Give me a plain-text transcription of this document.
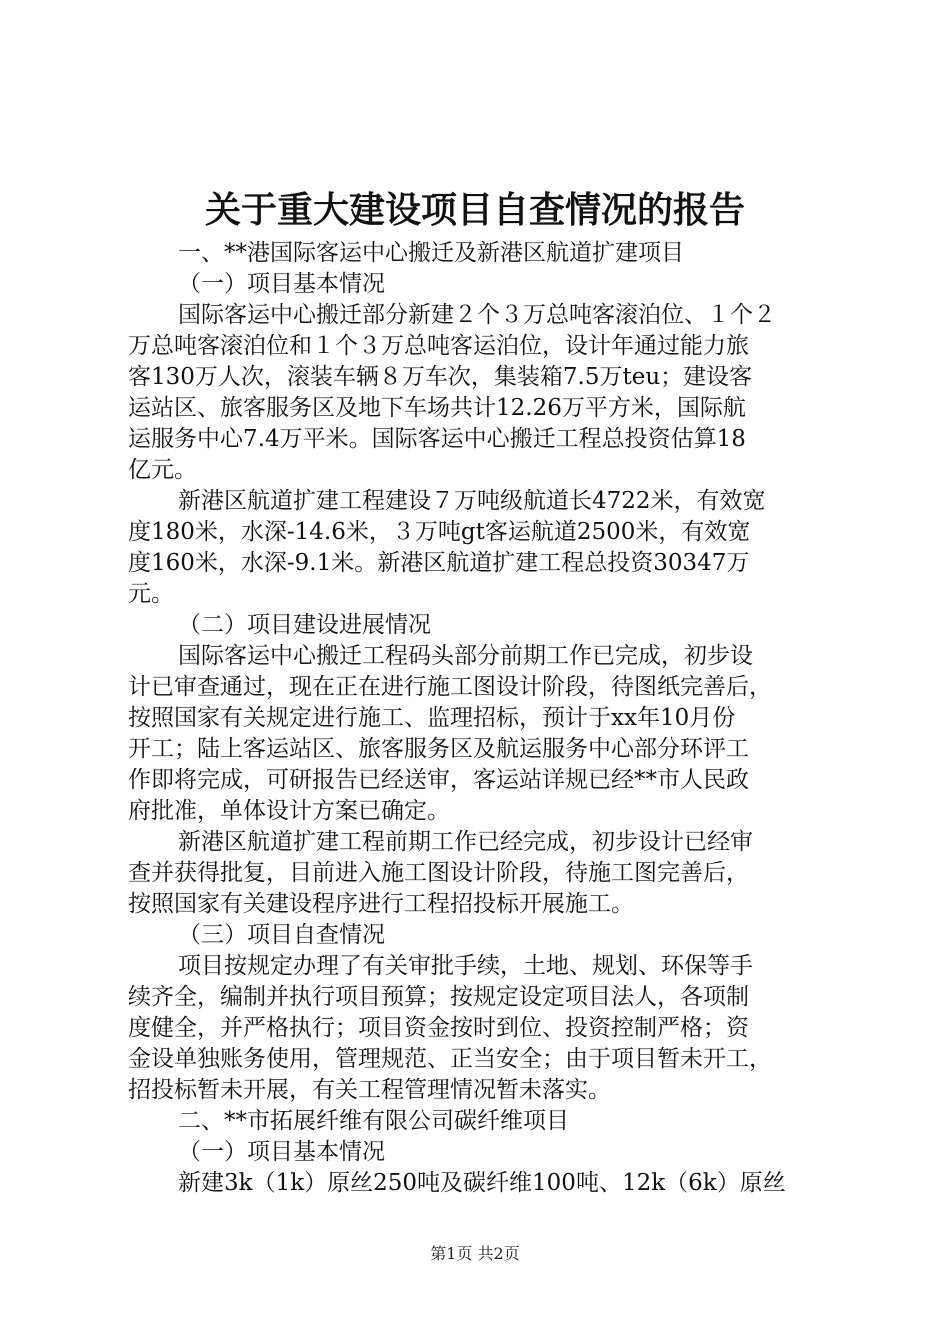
关于重大建设项目自查情况的报告
一、**港国际客运中心搬迁及新港区航道扩建项目
（一）项目基本情况
国际客运中心搬迁部分新建２个３万总吨客滚泊位、１个２
万总吨客滚泊位和１个３万总吨客运泊位，设计年通过能力旅
客130万人次，滚装车辆８万车次，集装箱7.5万teu；建设客
运站区、旅客服务区及地下车场共计12.26万平方米，国际航
运服务中心7.4万平米。国际客运中心搬迁工程总投资估算18
亿元。
新港区航道扩建工程建设７万吨级航道长4722米，有效宽
度180米，水深-14.6米，３万吨gt客运航道2500米，有效宽
度160米，水深-9.1米。新港区航道扩建工程总投资30347万
元。
（二）项目建设进展情况
国际客运中心搬迁工程码头部分前期工作已完成，初步设
计已审查通过，现在正在进行施工图设计阶段，待图纸完善后，
按照国家有关规定进行施工、监理招标，预计于xx年10月份
开工；陆上客运站区、旅客服务区及航运服务中心部分环评工
作即将完成，可研报告已经送审，客运站详规已经**市人民政
府批准，单体设计方案已确定。
新港区航道扩建工程前期工作已经完成，初步设计已经审
查并获得批复，目前进入施工图设计阶段，待施工图完善后，
按照国家有关建设程序进行工程招投标开展施工。
（三）项目自查情况
项目按规定办理了有关审批手续，土地、规划、环保等手
续齐全，编制并执行项目预算；按规定设定项目法人，各项制
度健全，并严格执行；项目资金按时到位、投资控制严格；资
金设单独账务使用，管理规范、正当安全；由于项目暂未开工，
招投标暂未开展，有关工程管理情况暂未落实。
二、**市拓展纤维有限公司碳纤维项目
（一）项目基本情况
新建3k（1k）原丝250吨及碳纤维100吨、12k（6k）原丝
第1页 共2页
